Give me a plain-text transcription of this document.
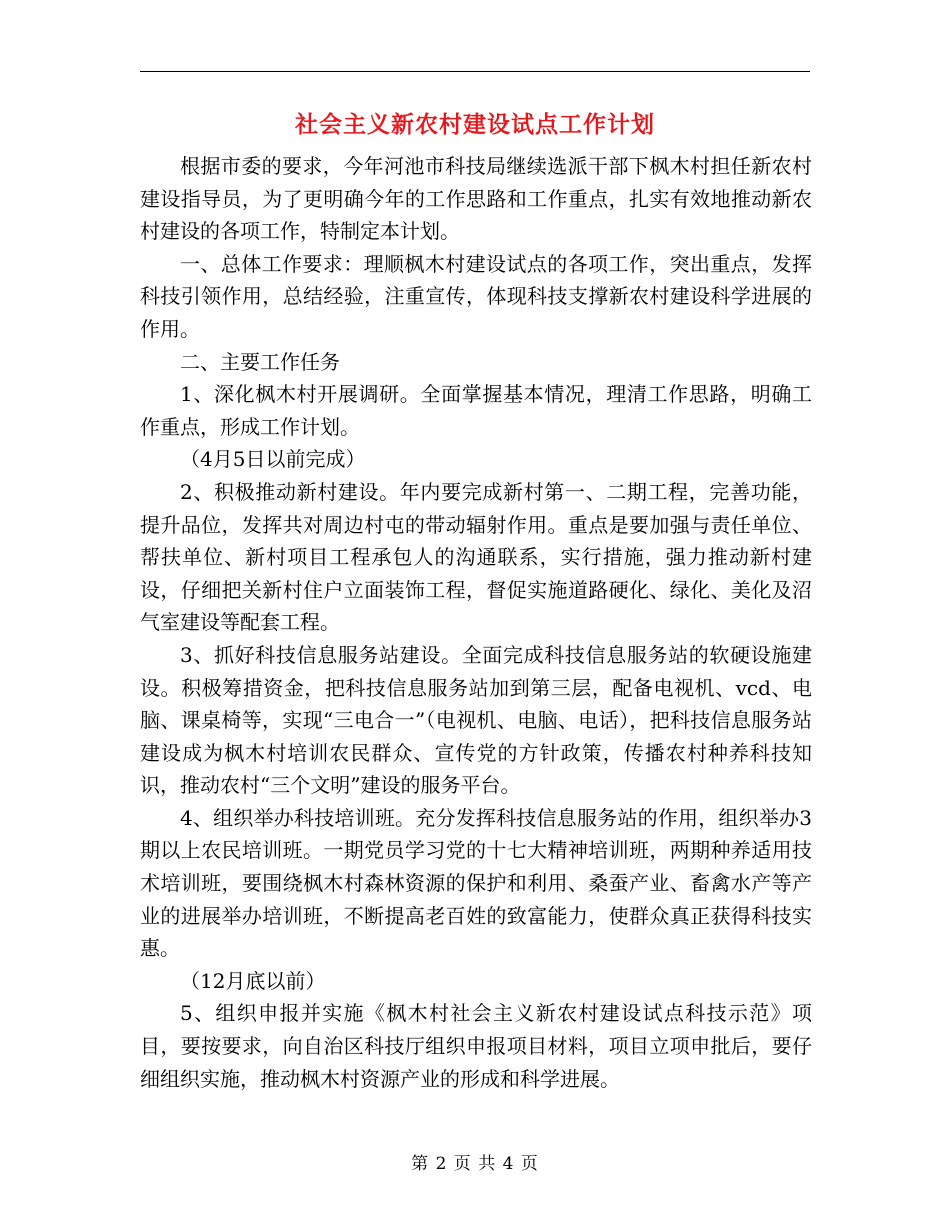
社会主义新农村建设试点工作计划

根据市委的要求，今年河池市科技局继续选派干部下枫木村担任新农村建设指导员，为了更明确今年的工作思路和工作重点，扎实有效地推动新农村建设的各项工作，特制定本计划。

一、总体工作要求：理顺枫木村建设试点的各项工作，突出重点，发挥科技引领作用，总结经验，注重宣传，体现科技支撑新农村建设科学进展的作用。

二、主要工作任务

1、深化枫木村开展调研。全面掌握基本情况，理清工作思路，明确工作重点，形成工作计划。

（4月5日以前完成）

2、积极推动新村建设。年内要完成新村第一、二期工程，完善功能，提升品位，发挥共对周边村屯的带动辐射作用。重点是要加强与责任单位、帮扶单位、新村项目工程承包人的沟通联系，实行措施，强力推动新村建设，仔细把关新村住户立面装饰工程，督促实施道路硬化、绿化、美化及沼气室建设等配套工程。

3、抓好科技信息服务站建设。全面完成科技信息服务站的软硬设施建设。积极筹措资金，把科技信息服务站加到第三层，配备电视机、vcd、电脑、课桌椅等，实现“三电合一”（电视机、电脑、电话），把科技信息服务站建设成为枫木村培训农民群众、宣传党的方针政策，传播农村种养科技知识，推动农村“三个文明”建设的服务平台。

4、组织举办科技培训班。充分发挥科技信息服务站的作用，组织举办3期以上农民培训班。一期党员学习党的十七大精神培训班，两期种养适用技术培训班，要围绕枫木村森林资源的保护和利用、桑蚕产业、畜禽水产等产业的进展举办培训班，不断提高老百姓的致富能力，使群众真正获得科技实惠。

（12月底以前）

5、组织申报并实施《枫木村社会主义新农村建设试点科技示范》项目，要按要求，向自治区科技厅组织申报项目材料，项目立项申批后，要仔细组织实施，推动枫木村资源产业的形成和科学进展。

第 2 页 共 4 页
